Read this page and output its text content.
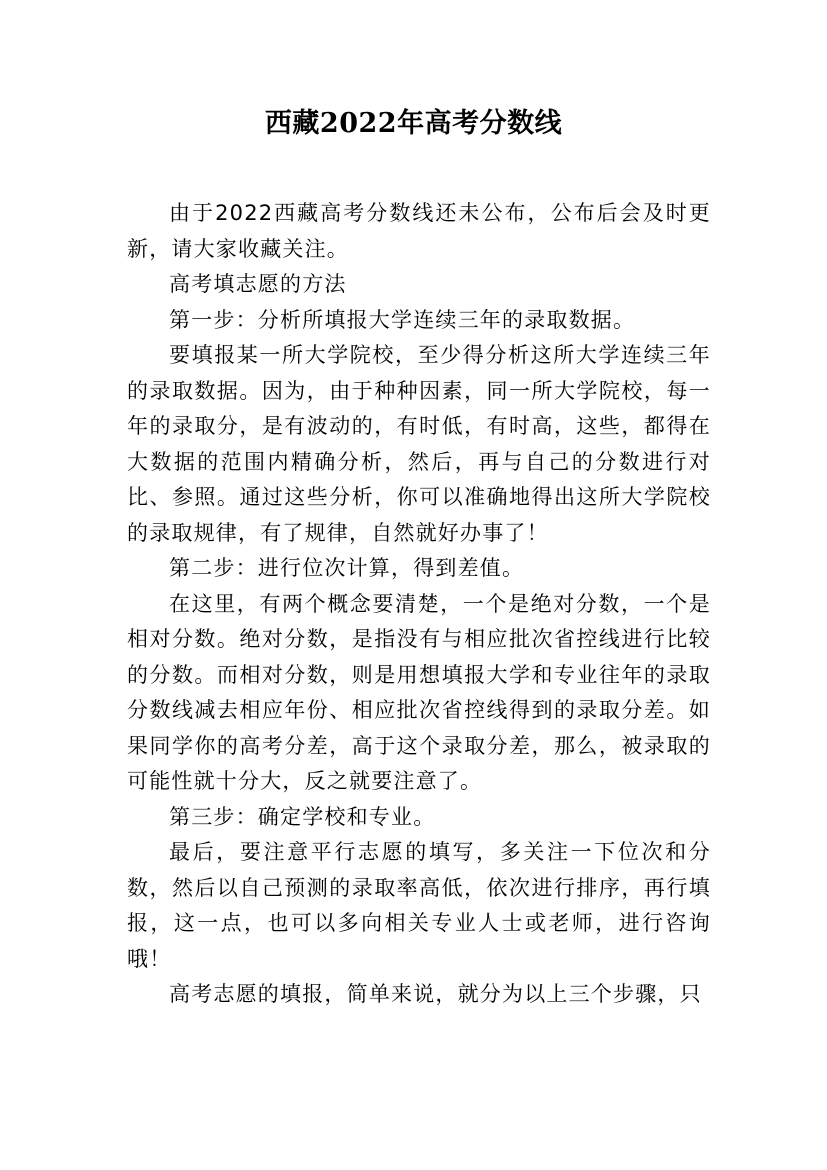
西藏2022年高考分数线

由于2022西藏高考分数线还未公布，公布后会及时更新，请大家收藏关注。

高考填志愿的方法

第一步：分析所填报大学连续三年的录取数据。

要填报某一所大学院校，至少得分析这所大学连续三年的录取数据。因为，由于种种因素，同一所大学院校，每一年的录取分，是有波动的，有时低，有时高，这些，都得在大数据的范围内精确分析，然后，再与自己的分数进行对比、参照。通过这些分析，你可以准确地得出这所大学院校的录取规律，有了规律，自然就好办事了！

第二步：进行位次计算，得到差值。

在这里，有两个概念要清楚，一个是绝对分数，一个是相对分数。绝对分数，是指没有与相应批次省控线进行比较的分数。而相对分数，则是用想填报大学和专业往年的录取分数线减去相应年份、相应批次省控线得到的录取分差。如果同学你的高考分差，高于这个录取分差，那么，被录取的可能性就十分大，反之就要注意了。

第三步：确定学校和专业。

最后，要注意平行志愿的填写，多关注一下位次和分数，然后以自己预测的录取率高低，依次进行排序，再行填报，这一点，也可以多向相关专业人士或老师，进行咨询哦！

高考志愿的填报，简单来说，就分为以上三个步骤，只
